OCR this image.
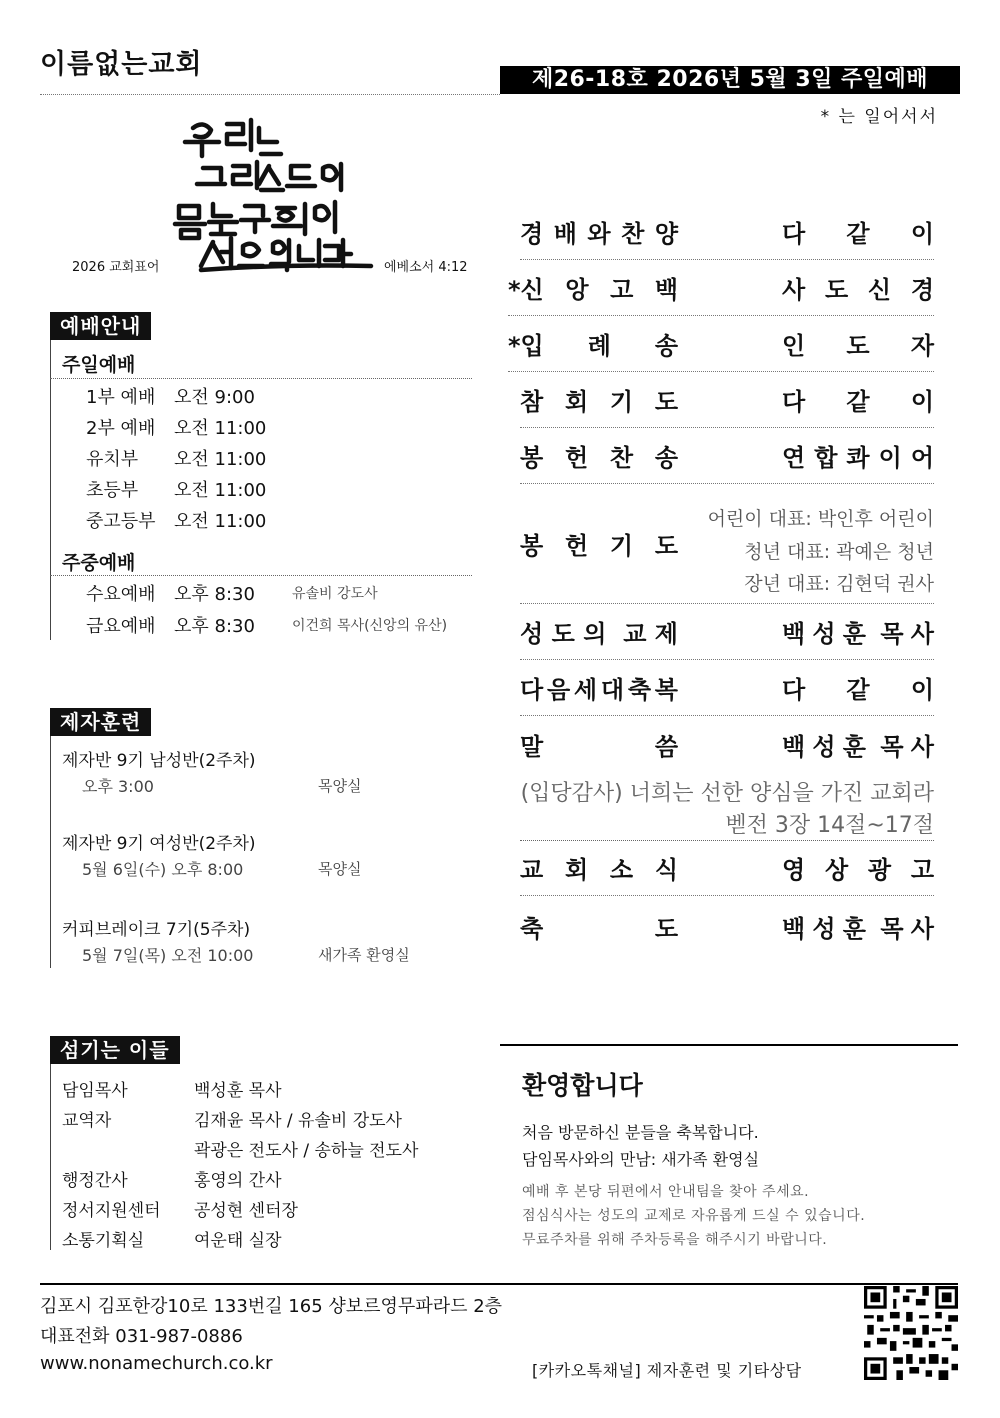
이름없는교회	제26-18호 2026년 5월 3일 주일예배
* 는 일어서서
2026 교회표어	에베소서 4:12
예배안내
주일예배
1부 예배	오전 9:00
2부 예배	오전 11:00
유치부	오전 11:00
초등부	오전 11:00
중고등부	오전 11:00
주중예배
수요예배	오후 8:30	유솔비 강도사
금요예배	오후 8:30	이건희 목사(신앙의 유산)
제자훈련
제자반 9기 남성반(2주차)
오후 3:00	목양실
제자반 9기 여성반(2주차)
5월 6일(수) 오후 8:00	목양실
커피브레이크 7기(5주차)
5월 7일(목) 오전 10:00	새가족 환영실
섬기는 이들
담임목사	백성훈 목사
교역자	김재윤 목사 / 유솔비 강도사
곽광은 전도사 / 송하늘 전도사
행정간사	홍영의 간사
정서지원센터 공성현 센터장
소통기획실	여운태 실장
경 배 와 찬 양	다 같 이
*신 앙 고 백	사 도 신 경
*입 례 송	인 도 자
참 회 기 도	다 같 이
봉 헌 찬 송	연 합 콰 이 어
봉 헌 기 도
어린이 대표: 박인후 어린이
청년 대표: 곽예은 청년
장년 대표: 김현덕 권사
성 도 의 교 제	백 성 훈 목 사
다 음 세 대 축 복	다 같 이
말	씀	백 성 훈 목 사
(입당감사) 너희는 선한 양심을 가진 교회라
벧전 3장 14절~17절
교 회 소 식	영 상 광 고
축	도	백 성 훈 목 사
환영합니다
처음 방문하신 분들을 축복합니다.
담임목사와의 만남: 새가족 환영실
예배 후 본당 뒤편에서 안내팀을 찾아 주세요.
점심식사는 성도의 교제로 자유롭게 드실 수 있습니다.
무료주차를 위해 주차등록을 해주시기 바랍니다.
김포시 김포한강10로 133번길 165 샹보르영무파라드 2층
대표전화 031-987-0886
www.nonamechurch.co.kr	[카카오톡채널] 제자훈련 및 기타상담
